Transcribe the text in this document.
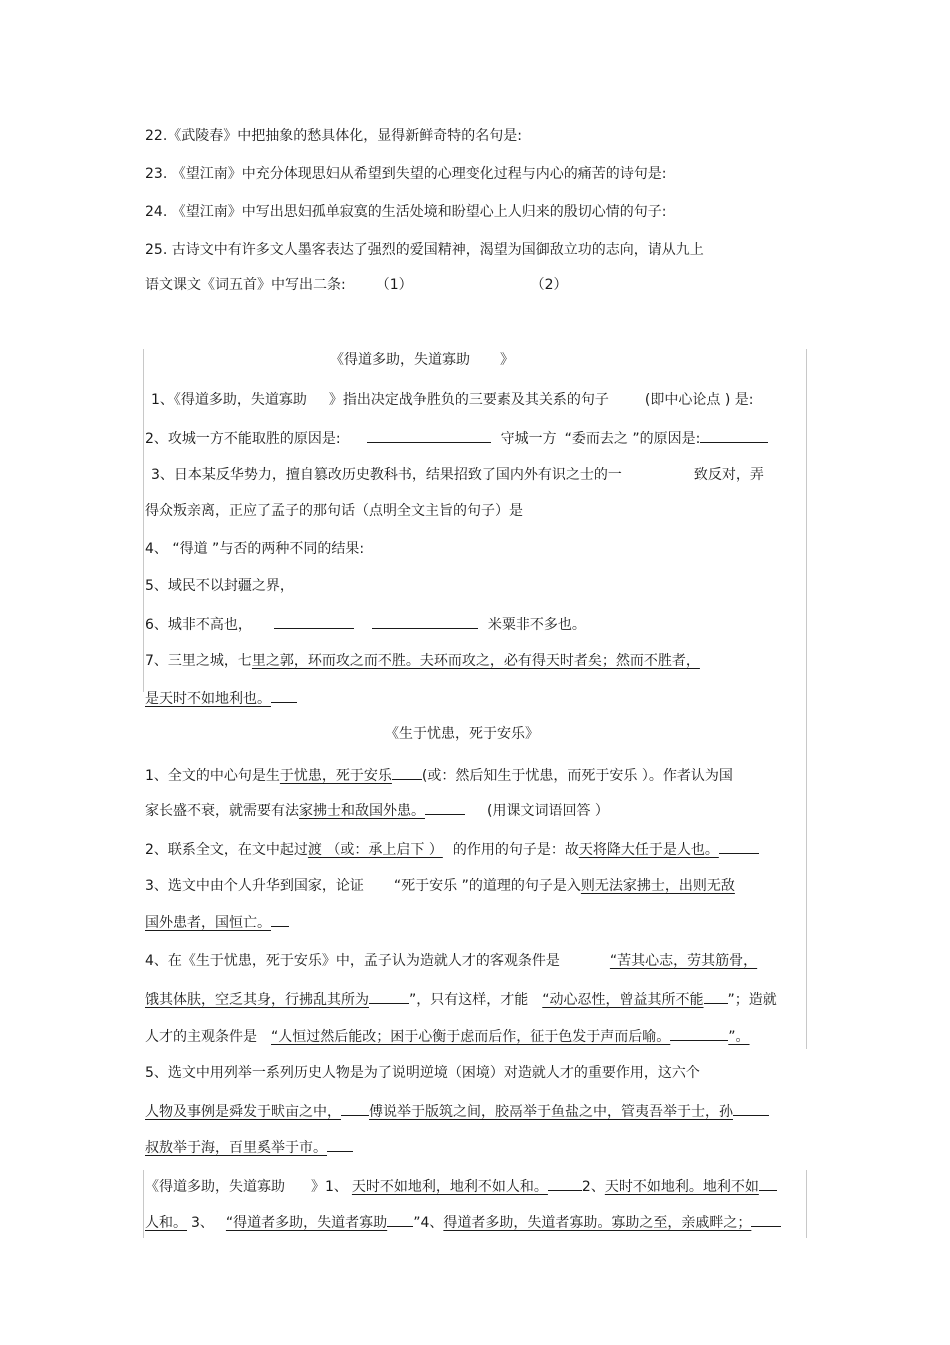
22.《武陵春》中把抽象的愁具体化，显得新鲜奇特的名句是:
23. 《望江南》中充分体现思妇从希望到失望的心理变化过程与内心的痛苦的诗句是:
24. 《望江南》中写出思妇孤单寂寞的生活处境和盼望心上人归来的殷切心情的句子:
25. 古诗文中有许多文人墨客表达了强烈的爱国精神，渴望为国御敌立功的志向，请从九上
语文课文《词五首》中写出二条: （1）	（2）
《得道多助，失道寡助 》
1、《得道多助，失道寡助 》指出决定战争胜负的三要素及其关系的句子	(即中心论点 ) 是:
2、攻城一方不能取胜的原因是:	守城一方 “委而去之 ”的原因是:
3、日本某反华势力，擅自篡改历史教科书，结果招致了国内外有识之士的一	致反对，弄
得众叛亲离，正应了孟子的那句话（点明全文主旨的句子）是
4、 “得道 ”与否的两种不同的结果:
5、域民不以封疆之界，
6、城非不高也，	米粟非不多也。
7、三里之城，七里之郭，环而攻之而不胜。夫环而攻之，必有得天时者矣；然而不胜者，
是天时不如地利也。
《生于忧患，死于安乐》
1、全文的中心句是生于忧患，死于安乐 (或：然后知生于忧患，而死于安乐 ）。作者认为国
家长盛不衰，就需要有法家拂士和敌国外患。	(用课文词语回答 ）
2、联系全文，在文中起过渡 （或：承上启下 ） 的作用的句子是：故天将降大任于是人也。
3、选文中由个人升华到国家，论证 “死于安乐 ”的道理的句子是入则无法家拂士，出则无敌
国外患者，国恒亡。
4、在《生于忧患，死于安乐》中，孟子认为造就人才的客观条件是	“苦其心志，劳其筋骨，
饿其体肤，空乏其身，行拂乱其所为	”，只有这样，才能 “动心忍性，曾益其所不能 ”；造就
人才的主观条件是 “人恒过然后能改；困于心衡于虑而后作，征于色发于声而后喻。	”。
5、选文中用列举一系列历史人物是为了说明逆境（困境）对造就人才的重要作用，这六个
人物及事例是舜发于畎亩之中， 傅说举于版筑之间，胶鬲举于鱼盐之中，管夷吾举于士，孙
叔敖举于海，百里奚举于市。
《得道多助，失道寡助 》1、 天时不如地利，地利不如人和。 2、天时不如地利。地利不如
人和。 3、 “得道者多助，失道者寡助 ”4、得道者多助，失道者寡助。寡助之至，亲戚畔之；
